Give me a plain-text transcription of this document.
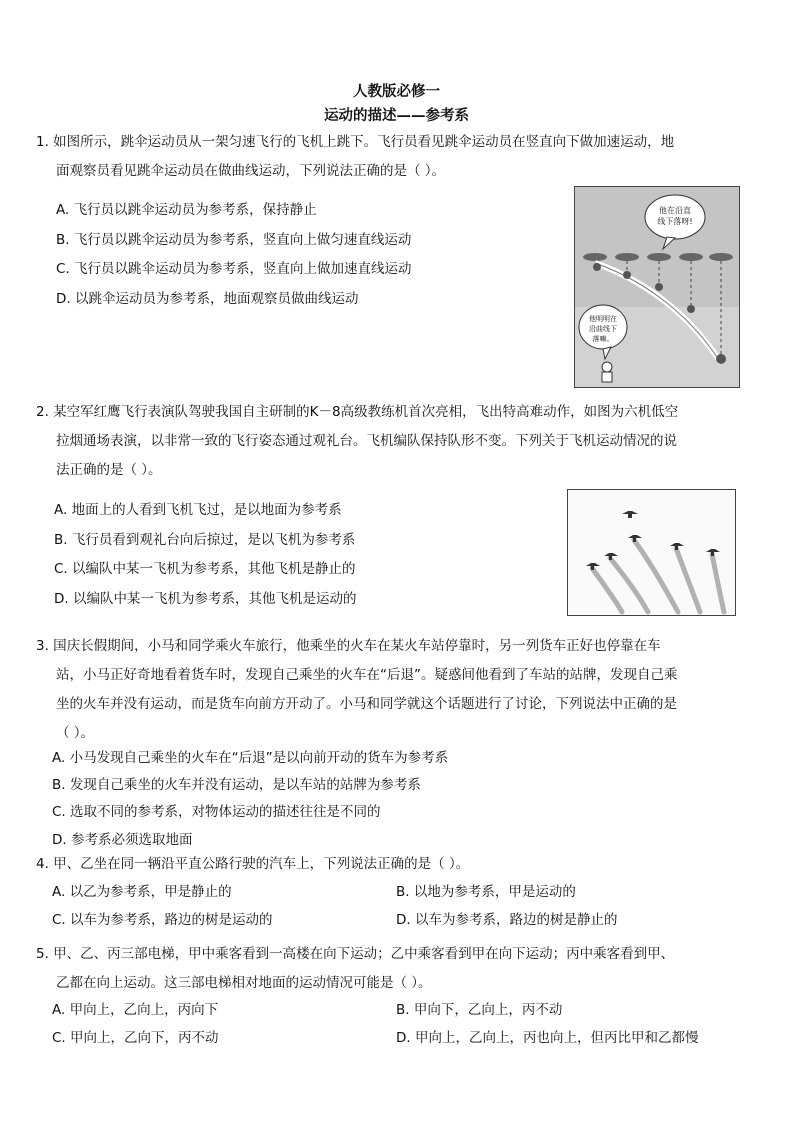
人教版必修一
运动的描述——参考系
1. 如图所示，跳伞运动员从一架匀速飞行的飞机上跳下。飞行员看见跳伞运动员在竖直向下做加速运动，地
面观察员看见跳伞运动员在做曲线运动，下列说法正确的是（ ）。
A. 飞行员以跳伞运动员为参考系，保持静止
B. 飞行员以跳伞运动员为参考系，竖直向上做匀速直线运动
C. 飞行员以跳伞运动员为参考系，竖直向上做加速直线运动
D. 以跳伞运动员为参考系，地面观察员做曲线运动
他在沿直
线下落呀!
他明明在
沿曲线下
落嘛。
2. 某空军红鹰飞行表演队驾驶我国自主研制的K－8高级教练机首次亮相，飞出特高难动作，如图为六机低空
拉烟通场表演，以非常一致的飞行姿态通过观礼台。飞机编队保持队形不变。下列关于飞机运动情况的说
法正确的是（ ）。
A. 地面上的人看到飞机飞过，是以地面为参考系
B. 飞行员看到观礼台向后掠过，是以飞机为参考系
C. 以编队中某一飞机为参考系，其他飞机是静止的
D. 以编队中某一飞机为参考系，其他飞机是运动的
3. 国庆长假期间，小马和同学乘火车旅行，他乘坐的火车在某火车站停靠时，另一列货车正好也停靠在车
站，小马正好奇地看着货车时，发现自己乘坐的火车在“后退”。疑惑间他看到了车站的站牌，发现自己乘
坐的火车并没有运动，而是货车向前方开动了。小马和同学就这个话题进行了讨论，下列说法中正确的是
（ ）。
A. 小马发现自己乘坐的火车在“后退”是以向前开动的货车为参考系
B. 发现自己乘坐的火车并没有运动，是以车站的站牌为参考系
C. 选取不同的参考系，对物体运动的描述往往是不同的
D. 参考系必须选取地面
4. 甲、乙坐在同一辆沿平直公路行驶的汽车上，下列说法正确的是（ ）。
A. 以乙为参考系，甲是静止的	B. 以地为参考系，甲是运动的
C. 以车为参考系，路边的树是运动的	D. 以车为参考系，路边的树是静止的
5. 甲、乙、丙三部电梯，甲中乘客看到一高楼在向下运动；乙中乘客看到甲在向下运动；丙中乘客看到甲、
乙都在向上运动。这三部电梯相对地面的运动情况可能是（ ）。
A. 甲向上，乙向上，丙向下	B. 甲向下，乙向上，丙不动
C. 甲向上，乙向下，丙不动	D. 甲向上，乙向上，丙也向上，但丙比甲和乙都慢
